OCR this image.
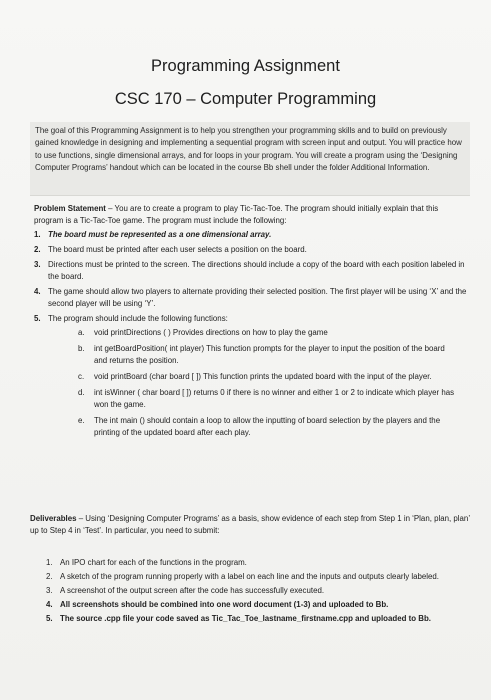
Programming Assignment
CSC 170 – Computer Programming
The goal of this Programming Assignment is to help you strengthen your programming skills and to build on previously gained knowledge in designing and implementing a sequential program with screen input and output. You will practice how to use functions, single dimensional arrays, and for loops in your program. You will create a program using the ‘Designing Computer Programs’ handout which can be located in the course Bb shell under the folder Additional Information.
Problem Statement – You are to create a program to play Tic-Tac-Toe. The program should initially explain that this program is a Tic-Tac-Toe game. The program must include the following:
1. The board must be represented as a one dimensional array.
2. The board must be printed after each user selects a position on the board.
3. Directions must be printed to the screen. The directions should include a copy of the board with each position labeled in the board.
4. The game should allow two players to alternate providing their selected position. The first player will be using ‘X’ and the second player will be using ‘Y’.
5. The program should include the following functions:
a. void printDirections ( ) Provides directions on how to play the game
b. int getBoardPosition( int player) This function prompts for the player to input the position of the board and returns the position.
c. void printBoard (char board [ ]) This function prints the updated board with the input of the player.
d. int isWinner ( char board [ ]) returns 0 if there is no winner and either 1 or 2 to indicate which player has won the game.
e. The int main () should contain a loop to allow the inputting of board selection by the players and the printing of the updated board after each play.
Deliverables – Using ‘Designing Computer Programs’ as a basis, show evidence of each step from Step 1 in ‘Plan, plan, plan’ up to Step 4 in ‘Test’. In particular, you need to submit:
1. An IPO chart for each of the functions in the program.
2. A sketch of the program running properly with a label on each line and the inputs and outputs clearly labeled.
3. A screenshot of the output screen after the code has successfully executed.
4. All screenshots should be combined into one word document (1-3) and uploaded to Bb.
5. The source .cpp file your code saved as Tic_Tac_Toe_lastname_firstname.cpp and uploaded to Bb.
